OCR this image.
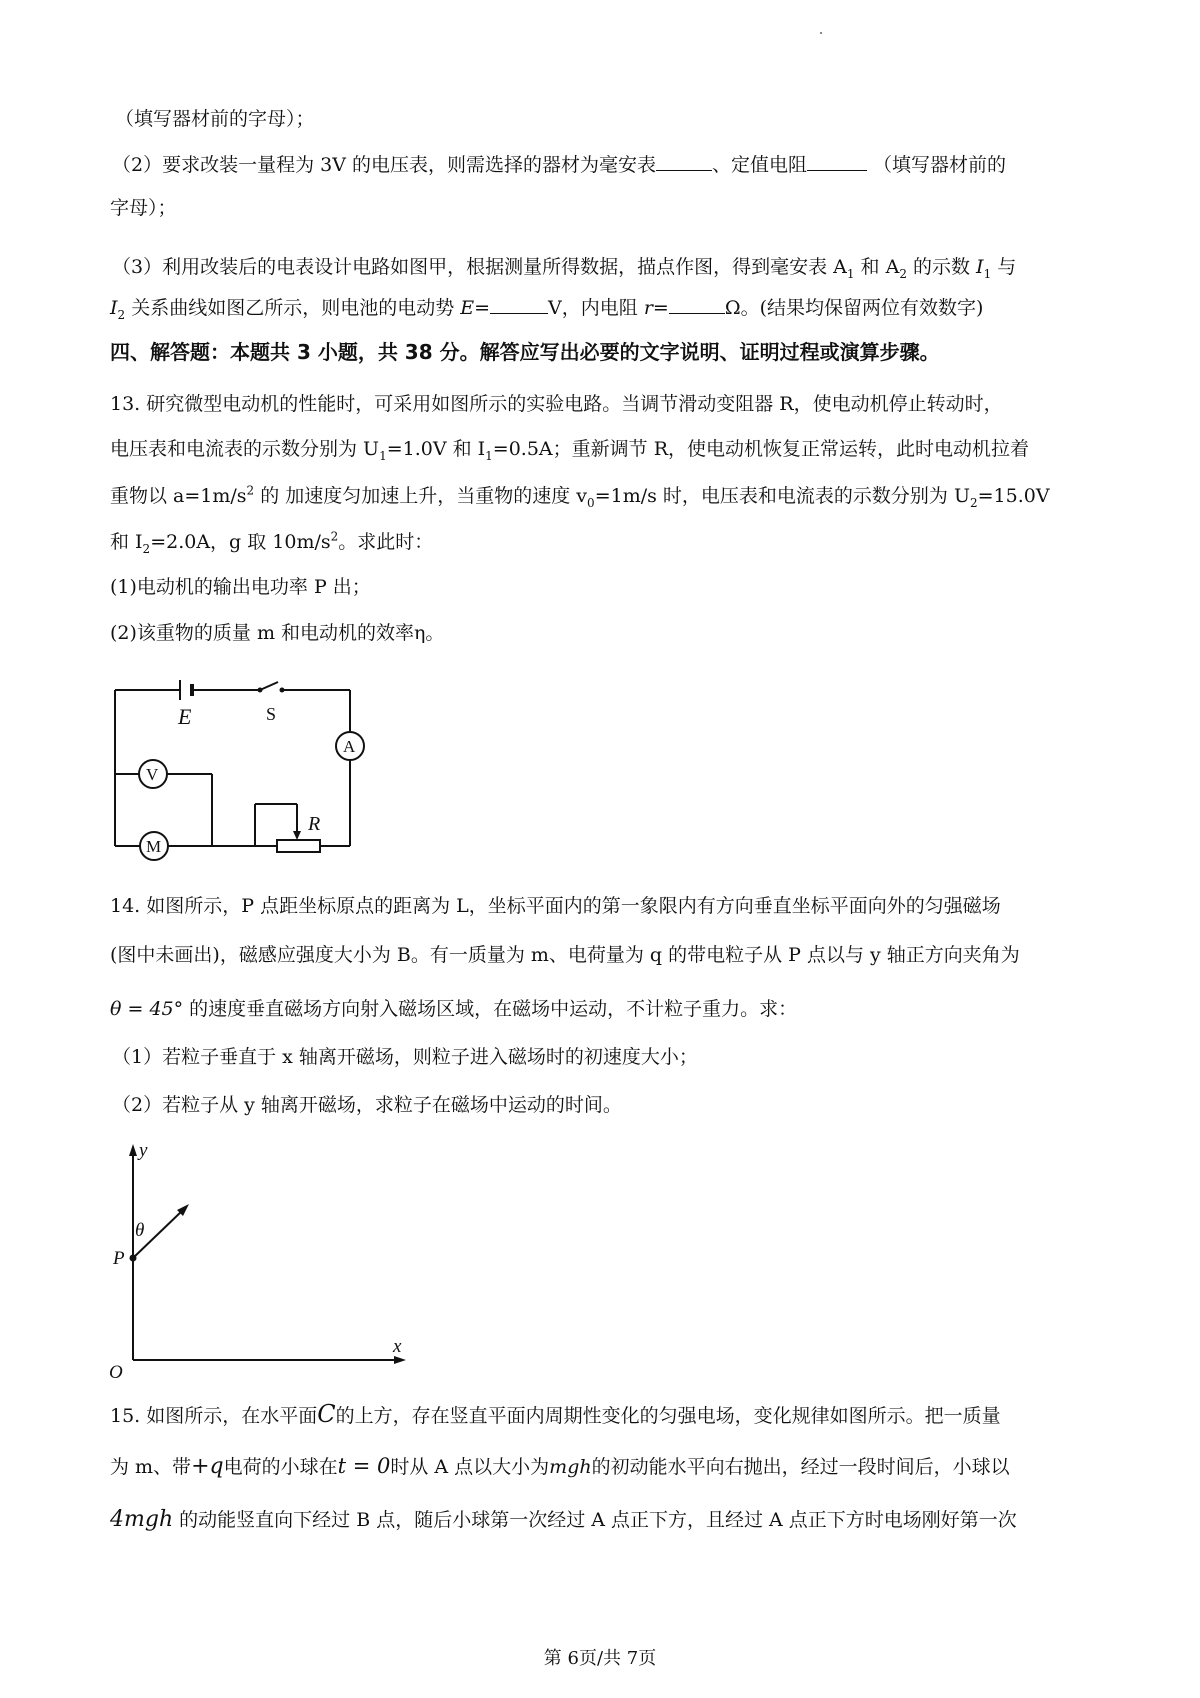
（填写器材前的字母）；
（2）要求改装一量程为 3V 的电压表，则需选择的器材为毫安表	、定值电阻	（填写器材前的
字母）；
（3）利用改装后的电表设计电路如图甲，根据测量所得数据，描点作图，得到毫安表 $A_1$ 和 $A_2$ 的示数 $I_1$ 与
$I_2$ 关系曲线如图乙所示，则电池的电动势 E=	V，内电阻 r=	Ω。(结果均保留两位有效数字)
四、解答题：本题共 3 小题，共 38 分。解答应写出必要的文字说明、证明过程或演算步骤。
13. 研究微型电动机的性能时，可采用如图所示的实验电路。当调节滑动变阻器 R，使电动机停止转动时，
电压表和电流表的示数分别为 $U_1=1.0V$ 和 $I_1=0.5A$；重新调节 R，使电动机恢复正常运转，此时电动机拉着
重物以 $a=1m/s^2$ 的 加速度匀加速上升，当重物的速度 $v_0=1m/s$ 时，电压表和电流表的示数分别为 $U_2=15.0V$
和 $I_2=2.0A$，g 取 $10m/s^2$。求此时：
(1)电动机的输出电功率 P 出；
(2)该重物的质量 m 和电动机的效率η。
E	S
A
V
M
R
14. 如图所示，P 点距坐标原点的距离为 L，坐标平面内的第一象限内有方向垂直坐标平面向外的匀强磁场
(图中未画出)，磁感应强度大小为 B。有一质量为 m、电荷量为 q 的带电粒子从 P 点以与 y 轴正方向夹角为
θ = 45° 的速度垂直磁场方向射入磁场区域，在磁场中运动，不计粒子重力。求：
（1）若粒子垂直于 x 轴离开磁场，则粒子进入磁场时的初速度大小；
（2）若粒子从 y 轴离开磁场，求粒子在磁场中运动的时间。
y
x
O
P
θ
15. 如图所示，在水平面C的上方，存在竖直平面内周期性变化的匀强电场，变化规律如图所示。把一质量
为 m、带+q电荷的小球在t = 0时从 A 点以大小为mgh的初动能水平向右抛出，经过一段时间后，小球以
4mgh 的动能竖直向下经过 B 点，随后小球第一次经过 A 点正下方，且经过 A 点正下方时电场刚好第一次
第 6页/共 7页
